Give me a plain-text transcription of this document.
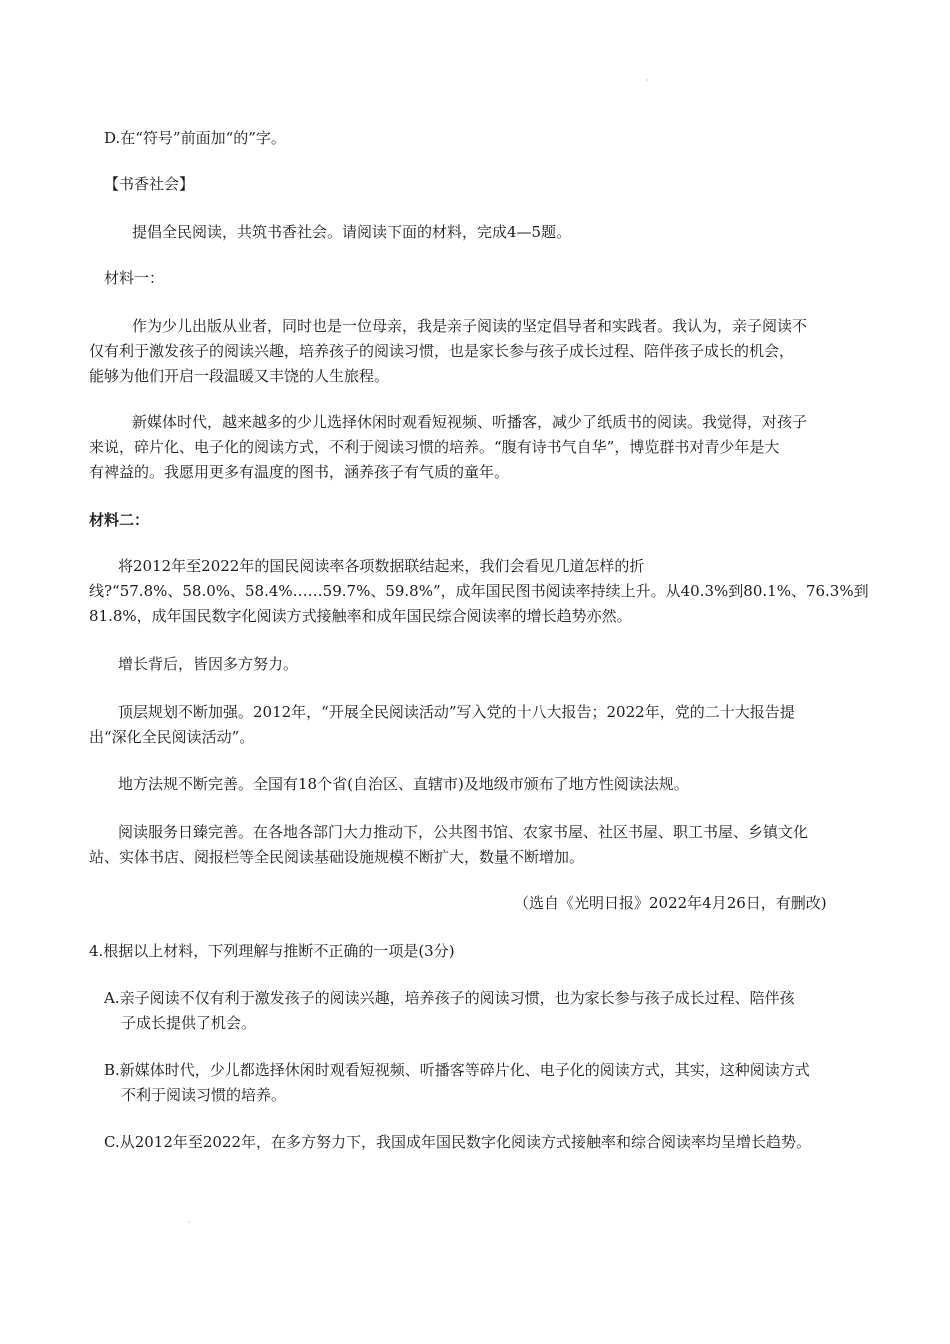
·
D.在“符号”前面加“的”字。
【书香社会】
提倡全民阅读，共筑书香社会。请阅读下面的材料，完成4—5题。
材料一：
作为少儿出版从业者，同时也是一位母亲，我是亲子阅读的坚定倡导者和实践者。我认为，亲子阅读不
仅有利于激发孩子的阅读兴趣，培养孩子的阅读习惯，也是家长参与孩子成长过程、陪伴孩子成长的机会，
能够为他们开启一段温暖又丰饶的人生旅程。
新媒体时代，越来越多的少儿选择休闲时观看短视频、听播客，减少了纸质书的阅读。我觉得，对孩子
来说，碎片化、电子化的阅读方式，不利于阅读习惯的培养。“腹有诗书气自华”，博览群书对青少年是大
有裨益的。我愿用更多有温度的图书，涵养孩子有气质的童年。
材料二：
将2012年至2022年的国民阅读率各项数据联结起来，我们会看见几道怎样的折
线?“57.8%、58.0%、58.4%……59.7%、59.8%”，成年国民图书阅读率持续上升。从40.3%到80.1%、76.3%到
81.8%，成年国民数字化阅读方式接触率和成年国民综合阅读率的增长趋势亦然。
增长背后，皆因多方努力。
顶层规划不断加强。2012年，“开展全民阅读活动”写入党的十八大报告；2022年，党的二十大报告提
出“深化全民阅读活动”。
地方法规不断完善。全国有18个省(自治区、直辖市)及地级市颁布了地方性阅读法规。
阅读服务日臻完善。在各地各部门大力推动下，公共图书馆、农家书屋、社区书屋、职工书屋、乡镇文化
站、实体书店、阅报栏等全民阅读基础设施规模不断扩大，数量不断增加。
（选自《光明日报》2022年4月26日，有删改)
4.根据以上材料，下列理解与推断不正确的一项是(3分)
A.亲子阅读不仅有利于激发孩子的阅读兴趣，培养孩子的阅读习惯，也为家长参与孩子成长过程、陪伴孩
子成长提供了机会。
B.新媒体时代，少儿都选择休闲时观看短视频、听播客等碎片化、电子化的阅读方式，其实，这种阅读方式
不利于阅读习惯的培养。
C.从2012年至2022年，在多方努力下，我国成年国民数字化阅读方式接触率和综合阅读率均呈增长趋势。
·
